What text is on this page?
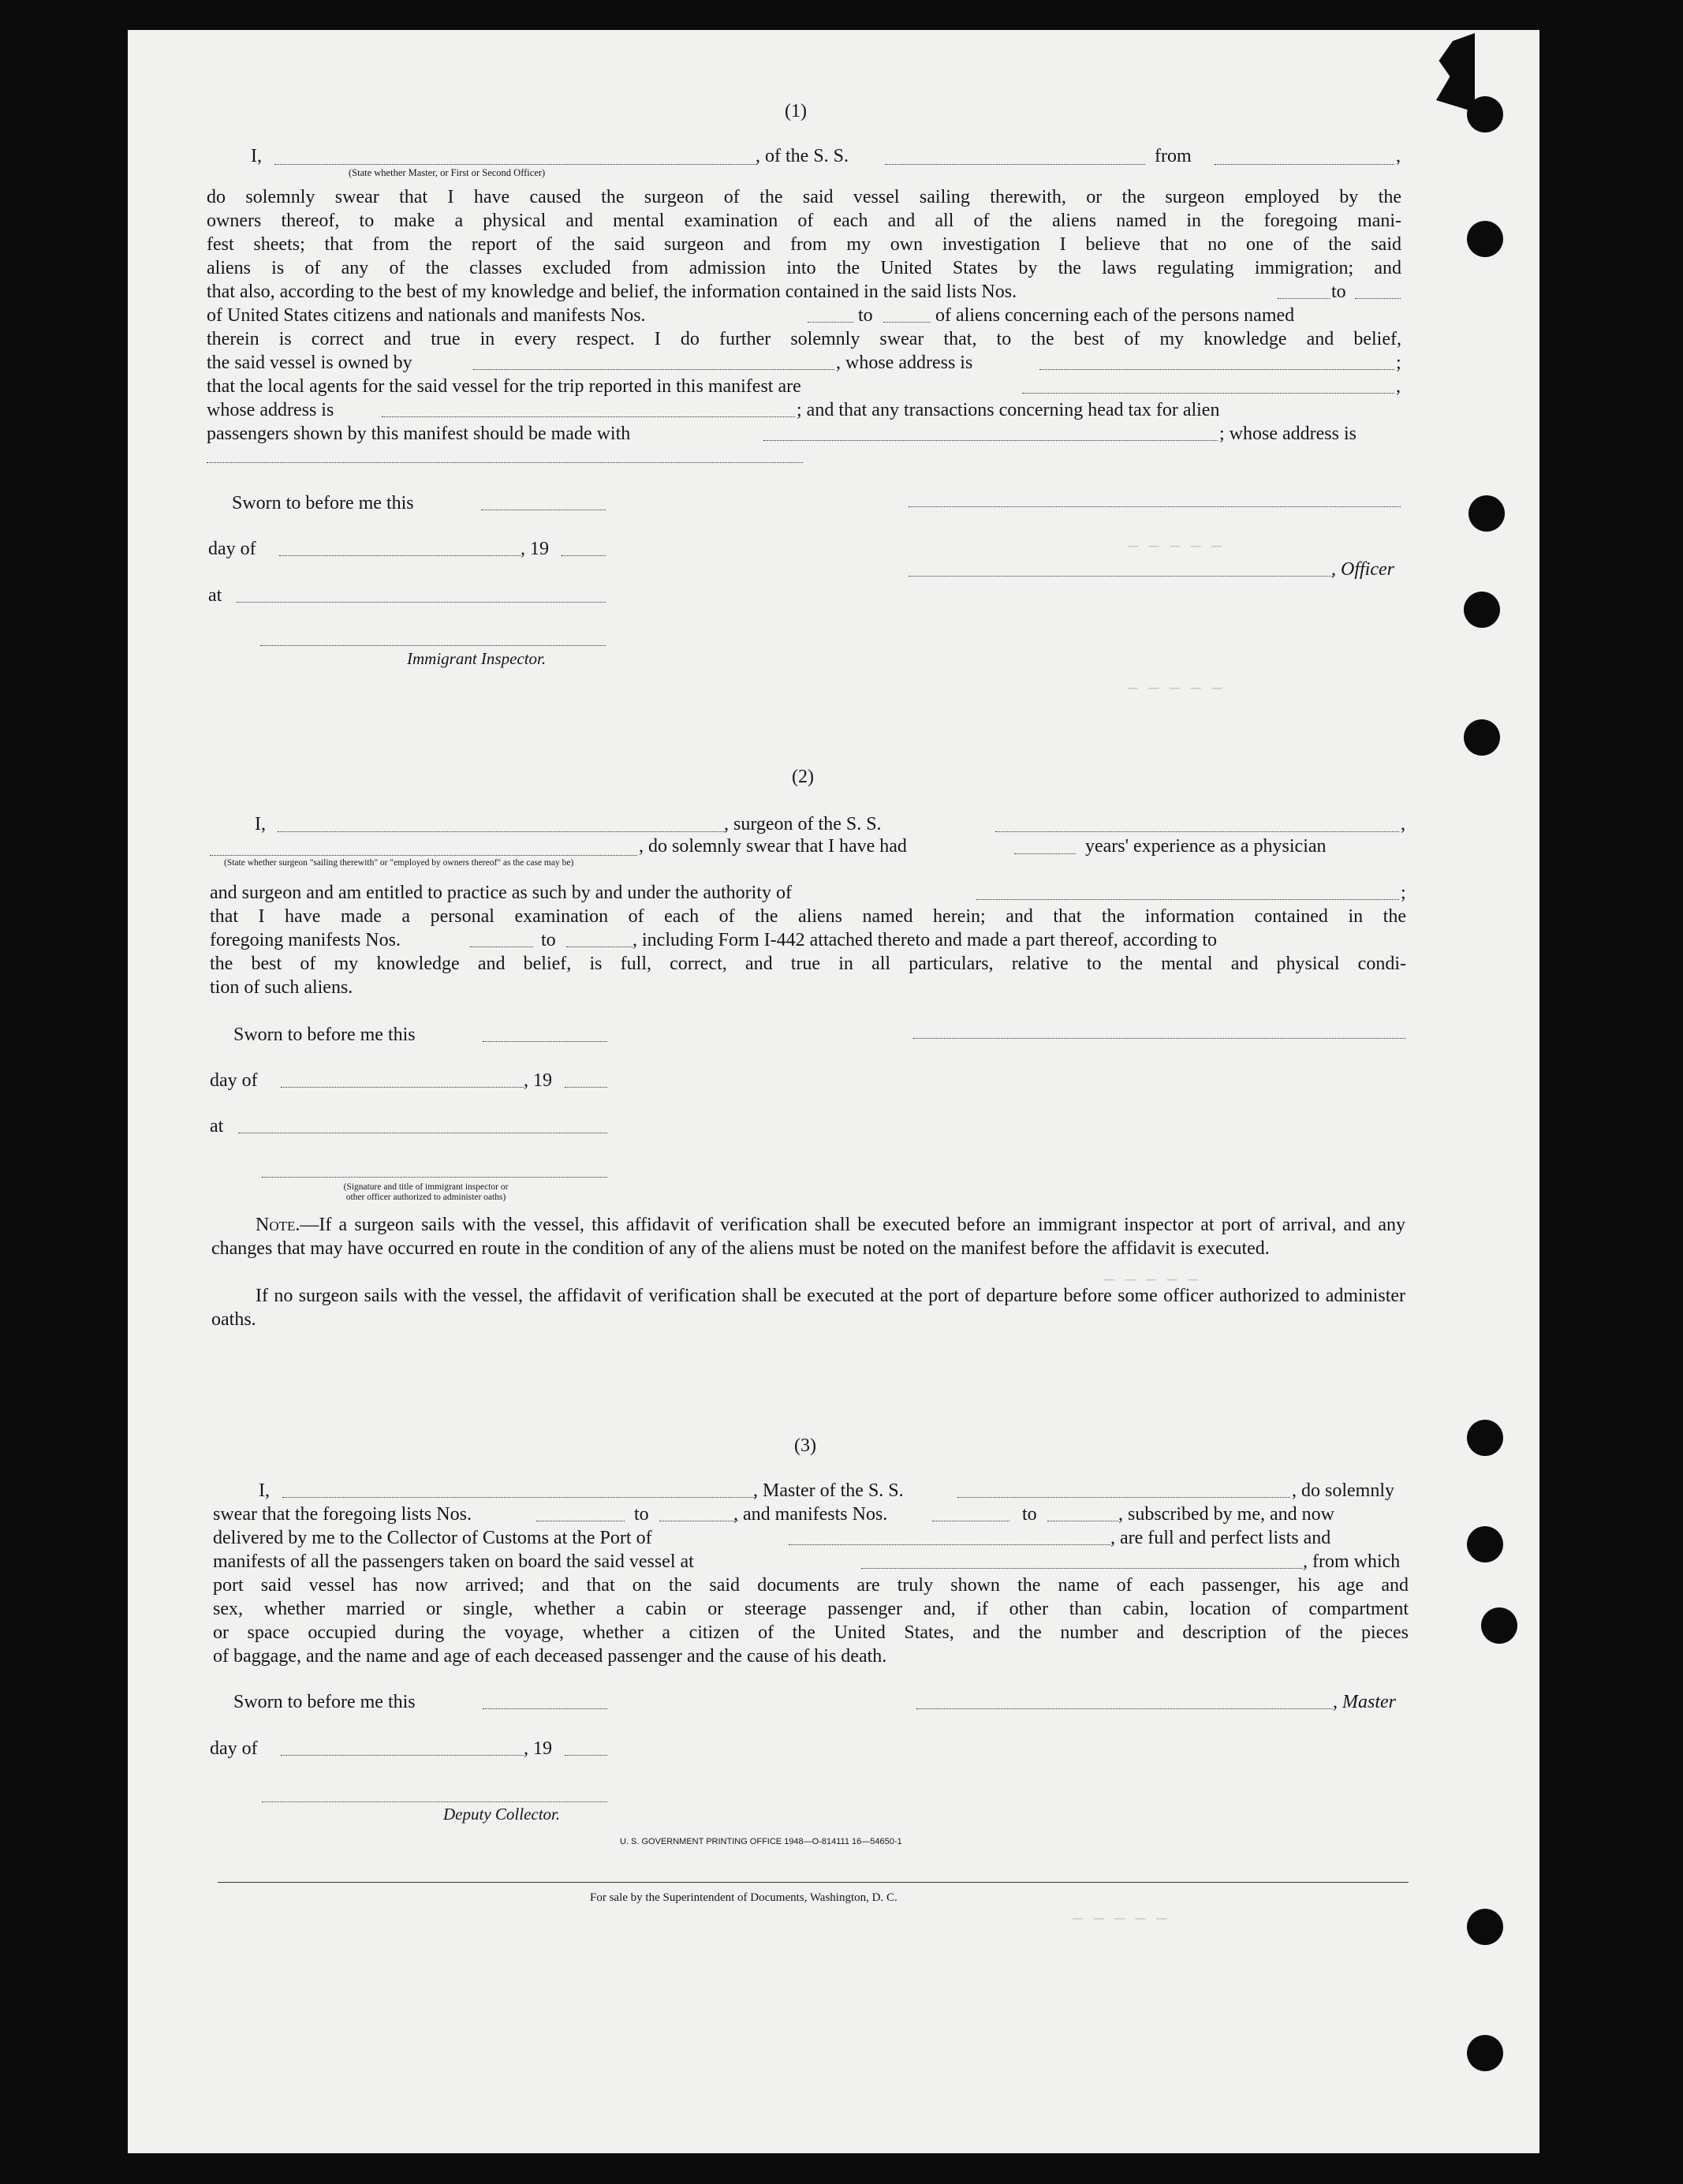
— — — — —
— — — — —
— — — — —
— — — — —
(1)
I,	, of the S. S.	from	,
(State whether Master, or First or Second Officer)
do solemnly swear that I have caused the surgeon of the said vessel sailing therewith, or the surgeon employed by the
owners thereof, to make a physical and mental examination of each and all of the aliens named in the foregoing mani-
fest sheets; that from the report of the said surgeon and from my own investigation I believe that no one of the said
aliens is of any of the classes excluded from admission into the United States by the laws regulating immigration; and
that also, according to the best of my knowledge and belief, the information contained in the said lists Nos.	to
of United States citizens and nationals and manifests Nos.	to	of aliens concerning each of the persons named
therein is correct and true in every respect. I do further solemnly swear that, to the best of my knowledge and belief,
the said vessel is owned by	, whose address is	;
that the local agents for the said vessel for the trip reported in this manifest are	,
whose address is	; and that any transactions concerning head tax for alien
passengers shown by this manifest should be made with	; whose address is
Sworn to before me this
day of	, 19
, Officer
at
Immigrant Inspector.
(2)
I,	, surgeon of the S. S.	,
, do solemnly swear that I have had	years' experience as a physician
(State whether surgeon "sailing therewith" or "employed by owners thereof" as the case may be)
and surgeon and am entitled to practice as such by and under the authority of	;
that I have made a personal examination of each of the aliens named herein; and that the information contained in the
foregoing manifests Nos.	to	, including Form I-442 attached thereto and made a part thereof, according to
the best of my knowledge and belief, is full, correct, and true in all particulars, relative to the mental and physical condi-
tion of such aliens.
Sworn to before me this
day of	, 19
at
(Signature and title of immigrant inspector or
other officer authorized to administer oaths)
Note.—If a surgeon sails with the vessel, this affidavit of verification shall be executed before an immigrant inspector at port of arrival, and any changes that may have occurred en route in the condition of any of the aliens must be noted on the manifest before the affidavit is executed.
If no surgeon sails with the vessel, the affidavit of verification shall be executed at the port of departure before some officer authorized to administer oaths.
(3)
I,	, Master of the S. S.	, do solemnly
swear that the foregoing lists Nos.	to	, and manifests Nos.	to	, subscribed by me, and now
delivered by me to the Collector of Customs at the Port of	, are full and perfect lists and
manifests of all the passengers taken on board the said vessel at	, from which
port said vessel has now arrived; and that on the said documents are truly shown the name of each passenger, his age and
sex, whether married or single, whether a cabin or steerage passenger and, if other than cabin, location of compartment
or space occupied during the voyage, whether a citizen of the United States, and the number and description of the pieces
of baggage, and the name and age of each deceased passenger and the cause of his death.
Sworn to before me this	, Master
day of	, 19
Deputy Collector.
U. S. GOVERNMENT PRINTING OFFICE 1948—O-814111 16—54650-1
For sale by the Superintendent of Documents, Washington, D. C.
